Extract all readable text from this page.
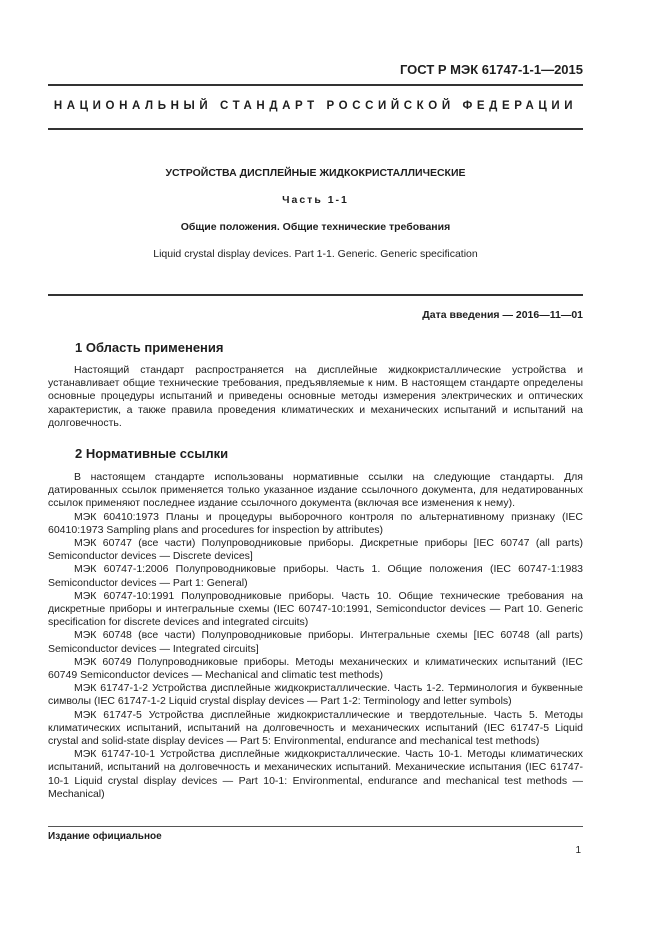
ГОСТ Р МЭК 61747-1-1—2015
НАЦИОНАЛЬНЫЙ СТАНДАРТ РОССИЙСКОЙ ФЕДЕРАЦИИ
УСТРОЙСТВА ДИСПЛЕЙНЫЕ ЖИДКОКРИСТАЛЛИЧЕСКИЕ
Часть 1-1
Общие положения. Общие технические требования
Liquid crystal display devices. Part 1-1. Generic. Generic specification
Дата введения — 2016—11—01
1 Область применения

Настоящий стандарт распространяется на дисплейные жидкокристаллические устройства и устанавливает общие технические требования, предъявляемые к ним. В настоящем стандарте определены основные процедуры испытаний и приведены основные методы измерения электрических и оптических характеристик, а также правила проведения климатических и механических испытаний и испытаний на долговечность.

2 Нормативные ссылки

В настоящем стандарте использованы нормативные ссылки на следующие стандарты. Для датированных ссылок применяется только указанное издание ссылочного документа, для недатированных ссылок применяют последнее издание ссылочного документа (включая все изменения к нему).

МЭК 60410:1973 Планы и процедуры выборочного контроля по альтернативному признаку (IEC 60410:1973 Sampling plans and procedures for inspection by attributes)

МЭК 60747 (все части) Полупроводниковые приборы. Дискретные приборы [IEC 60747 (all parts) Semiconductor devices — Discrete devices]

МЭК 60747-1:2006 Полупроводниковые приборы. Часть 1. Общие положения (IEC 60747-1:1983 Semiconductor devices — Part 1: General)

МЭК 60747-10:1991 Полупроводниковые приборы. Часть 10. Общие технические требования на дискретные приборы и интегральные схемы (IEC 60747-10:1991, Semiconductor devices — Part 10. Generic specification for discrete devices and integrated circuits)

МЭК 60748 (все части) Полупроводниковые приборы. Интегральные схемы [IEC 60748 (all parts) Semiconductor devices — Integrated circuits]

МЭК 60749 Полупроводниковые приборы. Методы механических и климатических испытаний (IEC 60749 Semiconductor devices — Mechanical and climatic test methods)

МЭК 61747-1-2 Устройства дисплейные жидкокристаллические. Часть 1-2. Терминология и буквенные символы (IEC 61747-1-2 Liquid crystal display devices — Part 1-2: Terminology and letter symbols)

МЭК 61747-5 Устройства дисплейные жидкокристаллические и твердотельные. Часть 5. Методы климатических испытаний, испытаний на долговечность и механических испытаний (IEC 61747-5 Liquid crystal and solid-state display devices — Part 5: Environmental, endurance and mechanical test methods)

МЭК 61747-10-1 Устройства дисплейные жидкокристаллические. Часть 10-1. Методы климатических испытаний, испытаний на долговечность и механических испытаний. Механические испытания (IEC 61747-10-1 Liquid crystal display devices — Part 10-1: Environmental, endurance and mechanical test methods — Mechanical)

Издание официальное
1
